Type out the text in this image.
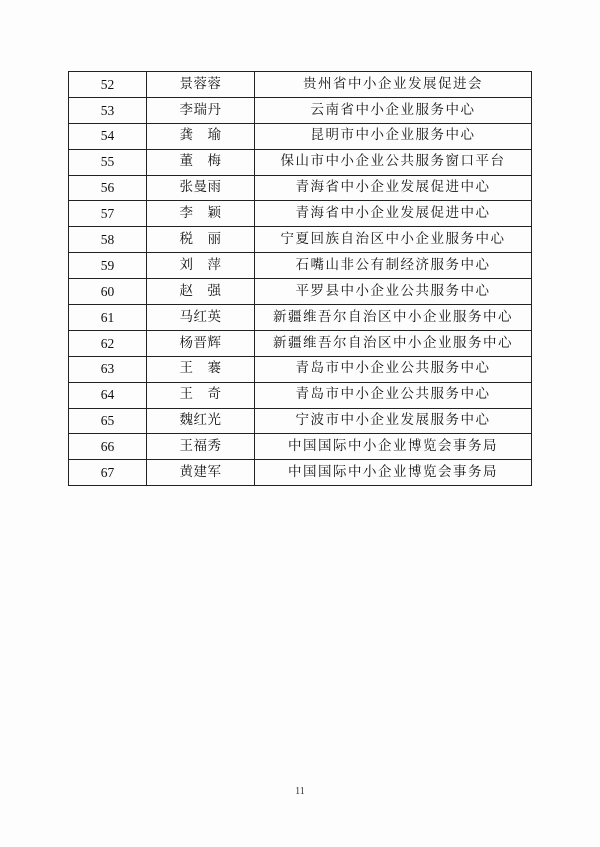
52	景蓉蓉	贵州省中小企业发展促进会
53	李瑞丹	云南省中小企业服务中心
54	龚　瑜	昆明市中小企业服务中心
55	董　梅	保山市中小企业公共服务窗口平台
56	张曼雨	青海省中小企业发展促进中心
57	李　颖	青海省中小企业发展促进中心
58	税　丽	宁夏回族自治区中小企业服务中心
59	刘　萍	石嘴山非公有制经济服务中心
60	赵　强	平罗县中小企业公共服务中心
61	马红英	新疆维吾尔自治区中小企业服务中心
62	杨晋辉	新疆维吾尔自治区中小企业服务中心
63	王　褰	青岛市中小企业公共服务中心
64	王　奇	青岛市中小企业公共服务中心
65	魏红光	宁波市中小企业发展服务中心
66	王福秀	中国国际中小企业博览会事务局
67	黄建军	中国国际中小企业博览会事务局
11
